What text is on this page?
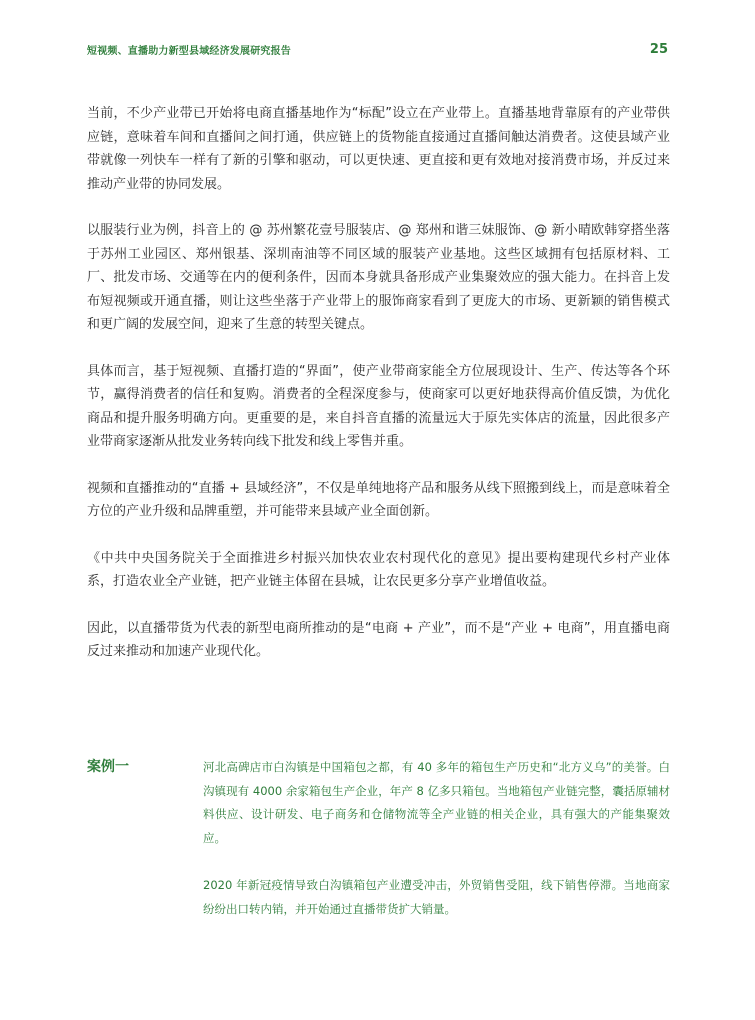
短视频、直播助力新型县域经济发展研究报告	25

当前，不少产业带已开始将电商直播基地作为“标配”设立在产业带上。直播基地背靠原有的产业带供应链，意味着车间和直播间之间打通，供应链上的货物能直接通过直播间触达消费者。这使县域产业带就像一列快车一样有了新的引擎和驱动，可以更快速、更直接和更有效地对接消费市场，并反过来推动产业带的协同发展。

以服装行业为例，抖音上的 @ 苏州繁花壹号服装店、@ 郑州和谐三妹服饰、@ 新小晴欧韩穿搭坐落于苏州工业园区、郑州银基、深圳南油等不同区域的服装产业基地。这些区域拥有包括原材料、工厂、批发市场、交通等在内的便利条件，因而本身就具备形成产业集聚效应的强大能力。在抖音上发布短视频或开通直播，则让这些坐落于产业带上的服饰商家看到了更庞大的市场、更新颖的销售模式和更广阔的发展空间，迎来了生意的转型关键点。

具体而言，基于短视频、直播打造的“界面”，使产业带商家能全方位展现设计、生产、传达等各个环节，赢得消费者的信任和复购。消费者的全程深度参与，使商家可以更好地获得高价值反馈，为优化商品和提升服务明确方向。更重要的是，来自抖音直播的流量远大于原先实体店的流量，因此很多产业带商家逐渐从批发业务转向线下批发和线上零售并重。

视频和直播推动的“直播 + 县域经济”，不仅是单纯地将产品和服务从线下照搬到线上，而是意味着全方位的产业升级和品牌重塑，并可能带来县域产业全面创新。

《中共中央国务院关于全面推进乡村振兴加快农业农村现代化的意见》提出要构建现代乡村产业体系，打造农业全产业链，把产业链主体留在县城，让农民更多分享产业增值收益。

因此，以直播带货为代表的新型电商所推动的是“电商 + 产业”，而不是“产业 + 电商”，用直播电商反过来推动和加速产业现代化。

案例一	河北高碑店市白沟镇是中国箱包之都，有 40 多年的箱包生产历史和“北方义乌”的美誉。白沟镇现有 4000 余家箱包生产企业，年产 8 亿多只箱包。当地箱包产业链完整，囊括原辅材料供应、设计研发、电子商务和仓储物流等全产业链的相关企业，具有强大的产能集聚效应。

2020 年新冠疫情导致白沟镇箱包产业遭受冲击，外贸销售受阻，线下销售停滞。当地商家纷纷出口转内销，并开始通过直播带货扩大销量。
